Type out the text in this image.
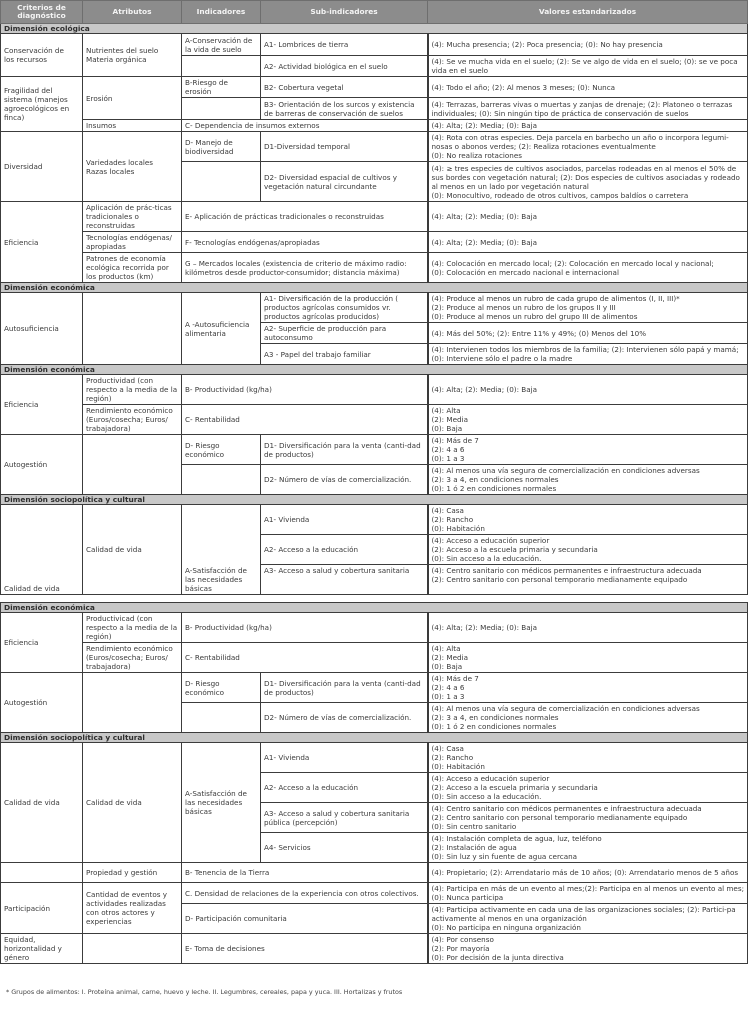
Criterios de
diagnóstico	Atributos	Indicadores	Sub-indicadores	Valores estandarizados
Dimensión ecológica				
Conservación de
los recursos	Nutrientes del suelo
Materia orgánica	A-Conservación de
la vida de suelo	A1- Lombrices de tierra	(4): Mucha presencia; (2): Poca presencia; (0): No hay presencia
			A2- Actividad biológica en el suelo	(4): Se ve mucha vida en el suelo; (2): Se ve algo de vida en el suelo; (0): se ve poca vida en el suelo
Fragilidad del
sistema (manejos
agroecológicos en
finca)	Erosión	B-Riesgo de
erosión	B2- Cobertura vegetal	(4): Todo el año; (2): Al menos 3 meses; (0): Nunca
			B3- Orientación de los surcos y existencia de barreras de conservación de suelos	(4): Terrazas, barreras vivas o muertas y zanjas de drenaje; (2): Platoneo o terrazas individuales; (0): Sin ningún tipo de práctica de conservación de suelos
	Insumos	C- Dependencia de insumos externos		(4): Alta; (2): Media; (0): Baja
Diversidad	Variedades locales
Razas locales	D- Manejo de
biodiversidad	D1-Diversidad temporal	(4): Rota con otras especies. Deja parcela en barbecho un año o incorpora legumi-nosas o abonos verdes; (2): Realiza rotaciones eventualmente
(0): No realiza rotaciones
			D2- Diversidad espacial de cultivos y vegetación natural circundante	(4): ≥ tres especies de cultivos asociados, parcelas rodeadas en al menos el 50% de sus bordes con vegetación natural; (2): Dos especies de cultivos asociadas y rodeado al menos en un lado por vegetación natural
(0): Monocultivo, rodeado de otros cultivos, campos baldíos o carretera
Eficiencia	Aplicación de prác-ticas tradicionales o reconstruidas	E- Aplicación de prácticas tradicionales o reconstruidas		(4): Alta; (2): Media; (0): Baja
	Tecnologías endógenas/ apropiadas	F- Tecnologías endógenas/apropiadas		(4): Alta; (2): Media; (0): Baja
	Patrones de economía ecológica recorrida por los productos (km)	G – Mercados locales (existencia de criterio de máximo radio: kilómetros desde productor-consumidor; distancia máxima)		(4): Colocación en mercado local; (2): Colocación en mercado local y nacional;
(0): Colocación en mercado nacional e internacional
Dimensión económica				
Autosuficiencia		A -Autosuficiencia alimentaria	A1- Diversificación de la producción ( productos agrícolas consumidos vr. productos agrícolas producidos)	(4): Produce al menos un rubro de cada grupo de alimentos (I, II, III)*
(2): Produce al menos un rubro de los grupos II y III
(0): Produce al menos un rubro del grupo III de alimentos
			A2- Superficie de producción para autoconsumo	(4): Más del 50%; (2): Entre 11% y 49%; (0) Menos del 10%
			A3 - Papel del trabajo familiar	(4): Intervienen todos los miembros de la familia; (2): Intervienen sólo papá y mamá; (0): Interviene sólo el padre o la madre
Dimensión económica				
Eficiencia	Productividad (con respecto a la media de la región)	B- Productividad (kg/ha)		(4): Alta; (2): Media; (0): Baja
	Rendimiento económico (Euros/cosecha; Euros/ trabajadora)	C- Rentabilidad		(4): Alta
(2): Media
(0): Baja
Autogestión		D- Riesgo
económico	D1- Diversificación para la venta (canti-dad de productos)	(4): Más de 7
(2): 4 a 6
(0): 1 a 3
			D2- Número de vías de comercialización.	(4): Al menos una vía segura de comercialización en condiciones adversas
(2): 3 a 4, en condiciones normales
(0): 1 ó 2 en condiciones normales
Dimensión sociopolítica y cultural				
Calidad de vida	Calidad de vida	A-Satisfacción de las necesidades básicas	A1- Vivienda	(4): Casa
(2): Rancho
(0): Habitación
			A2- Acceso a la educación	(4): Acceso a educación superior
(2): Acceso a la escuela primaria y secundaria
(0): Sin acceso a la educación.
			A3- Acceso a salud y cobertura sanitaria	(4): Centro sanitario con médicos permanentes e infraestructura adecuada
(2): Centro sanitario con personal temporario medianamente equipado
Dimensión económica				
Eficiencia	Productivicad (con respecto a la media de la región)	B- Productividad (kg/ha)		(4): Alta; (2): Media; (0): Baja
	Rendimiento económico (Euros/cosecha; Euros/ trabajadora)	C- Rentabilidad		(4): Alta
(2): Media
(0): Baja
Autogestión		D- Riesgo
económico	D1- Diversificación para la venta (canti-dad de productos)	(4): Más de 7
(2): 4 a 6
(0): 1 a 3
			D2- Número de vías de comercialización.	(4): Al menos una vía segura de comercialización en condiciones adversas
(2): 3 a 4, en condiciones normales
(0): 1 ó 2 en condiciones normales
Dimensión sociopolítica y cultural				
Calidad de vida	Calidad de vida	A-Satisfacción de las necesidades básicas	A1- Vivienda	(4): Casa
(2): Rancho
(0): Habitación
			A2- Acceso a la educación	(4): Acceso a educación superior
(2): Acceso a la escuela primaria y secundaria
(0): Sin acceso a la educación.
			A3- Acceso a salud y cobertura sanitaria pública (percepción)	(4): Centro sanitario con médicos permanentes e infraestructura adecuada
(2): Centro sanitario con personal temporario medianamente equipado
(0): Sin centro sanitario
			A4- Servicios	(4): Instalación completa de agua, luz, teléfono
(2): Instalación de agua
(0): Sin luz y sin fuente de agua cercana
	Propiedad y gestión	B- Tenencia de la Tierra		(4): Propietario; (2): Arrendatario más de 10 años; (0): Arrendatario menos de 5 años
Participación	Cantidad de eventos y actividades realizadas con otros actores y experiencias	C. Densidad de relaciones de la experiencia con otros colectivos.		(4): Participa en más de un evento al mes;(2): Participa en al menos un evento al mes; (0): Nunca participa
		D- Participación comunitaria		(4): Participa activamente en cada una de las organizaciones sociales; (2): Partici-pa activamente al menos en una organización
(0): No participa en ninguna organización
Equidad, horizontalidad y género		E- Toma de decisiones		(4): Por consenso
(2): Por mayoría
(0): Por decisión de la junta directiva
* Grupos de alimentos: I. Proteína animal, carne, huevo y leche. II. Legumbres, cereales, papa y yuca. III. Hortalizas y frutos
